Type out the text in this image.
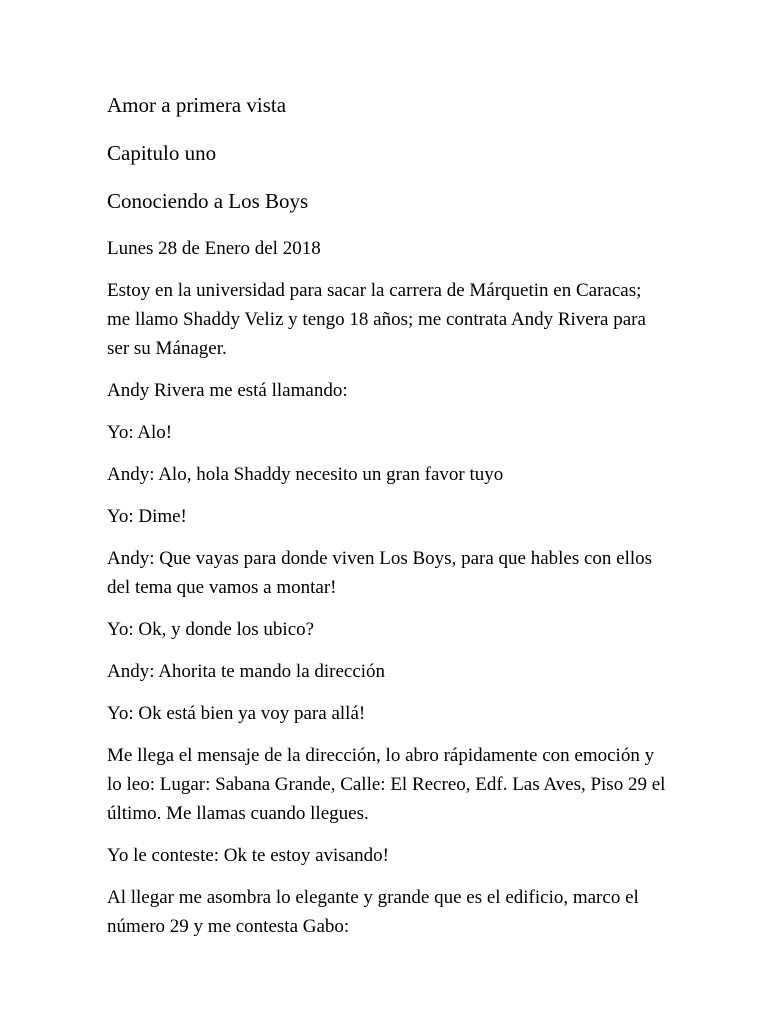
Amor a primera vista

Capitulo uno

Conociendo a Los Boys

Lunes 28 de Enero del 2018

Estoy en la universidad para sacar la carrera de Márquetin en Caracas; me llamo Shaddy Veliz y tengo 18 años; me contrata Andy Rivera para ser su Mánager.

Andy Rivera me está llamando:

Yo: Alo!

Andy: Alo, hola Shaddy necesito un gran favor tuyo

Yo: Dime!

Andy: Que vayas para donde viven Los Boys, para que hables con ellos del tema que vamos a montar!

Yo: Ok, y donde los ubico?

Andy: Ahorita te mando la dirección

Yo: Ok está bien ya voy para allá!

Me llega el mensaje de la dirección, lo abro rápidamente con emoción y lo leo: Lugar: Sabana Grande, Calle: El Recreo, Edf. Las Aves, Piso 29 el último. Me llamas cuando llegues.

Yo le conteste: Ok te estoy avisando!

Al llegar me asombra lo elegante y grande que es el edificio, marco el número 29 y me contesta Gabo:
